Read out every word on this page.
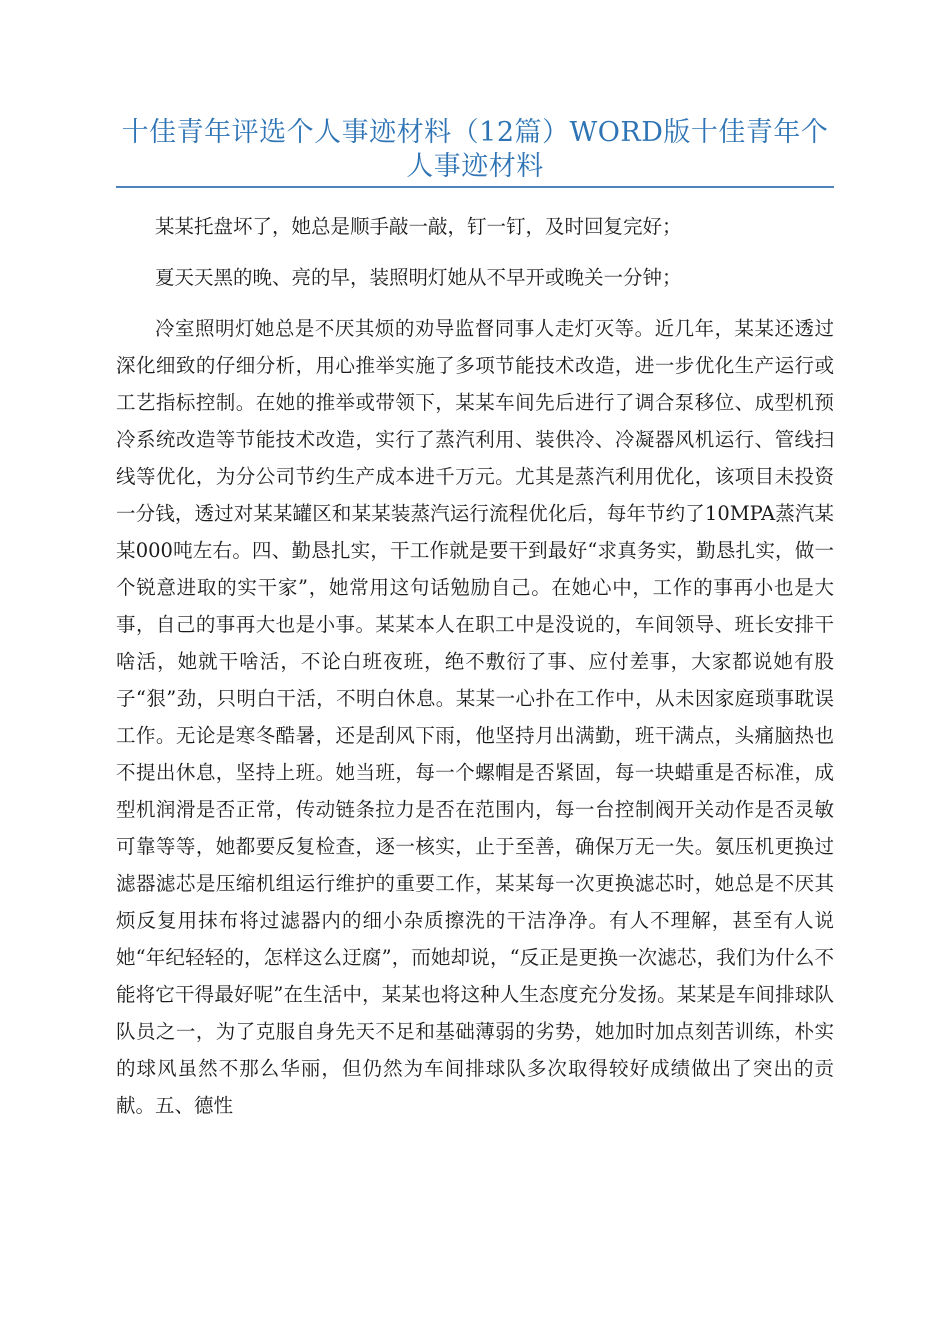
十佳青年评选个人事迹材料（12篇）WORD版十佳青年个人事迹材料

某某托盘坏了，她总是顺手敲一敲，钉一钉，及时回复完好；

夏天天黑的晚、亮的早，装照明灯她从不早开或晚关一分钟；

冷室照明灯她总是不厌其烦的劝导监督同事人走灯灭等。近几年，某某还透过深化细致的仔细分析，用心推举实施了多项节能技术改造，进一步优化生产运行或工艺指标控制。在她的推举或带领下，某某车间先后进行了调合泵移位、成型机预冷系统改造等节能技术改造，实行了蒸汽利用、装供冷、冷凝器风机运行、管线扫线等优化，为分公司节约生产成本进千万元。尤其是蒸汽利用优化，该项目未投资一分钱，透过对某某罐区和某某装蒸汽运行流程优化后，每年节约了10MPA蒸汽某某000吨左右。四、勤恳扎实，干工作就是要干到最好“求真务实，勤恳扎实，做一个锐意进取的实干家”，她常用这句话勉励自己。在她心中，工作的事再小也是大事，自己的事再大也是小事。某某本人在职工中是没说的，车间领导、班长安排干啥活，她就干啥活，不论白班夜班，绝不敷衍了事、应付差事，大家都说她有股子“狠”劲，只明白干活，不明白休息。某某一心扑在工作中，从未因家庭琐事耽误工作。无论是寒冬酷暑，还是刮风下雨，他坚持月出满勤，班干满点，头痛脑热也不提出休息，坚持上班。她当班，每一个螺帽是否紧固，每一块蜡重是否标准，成型机润滑是否正常，传动链条拉力是否在范围内，每一台控制阀开关动作是否灵敏可靠等等，她都要反复检查，逐一核实，止于至善，确保万无一失。氨压机更换过滤器滤芯是压缩机组运行维护的重要工作，某某每一次更换滤芯时，她总是不厌其烦反复用抹布将过滤器内的细小杂质擦洗的干洁净净。有人不理解，甚至有人说她“年纪轻轻的，怎样这么迂腐”，而她却说，“反正是更换一次滤芯，我们为什么不能将它干得最好呢”在生活中，某某也将这种人生态度充分发扬。某某是车间排球队队员之一，为了克服自身先天不足和基础薄弱的劣势，她加时加点刻苦训练，朴实的球风虽然不那么华丽，但仍然为车间排球队多次取得较好成绩做出了突出的贡献。五、德性
